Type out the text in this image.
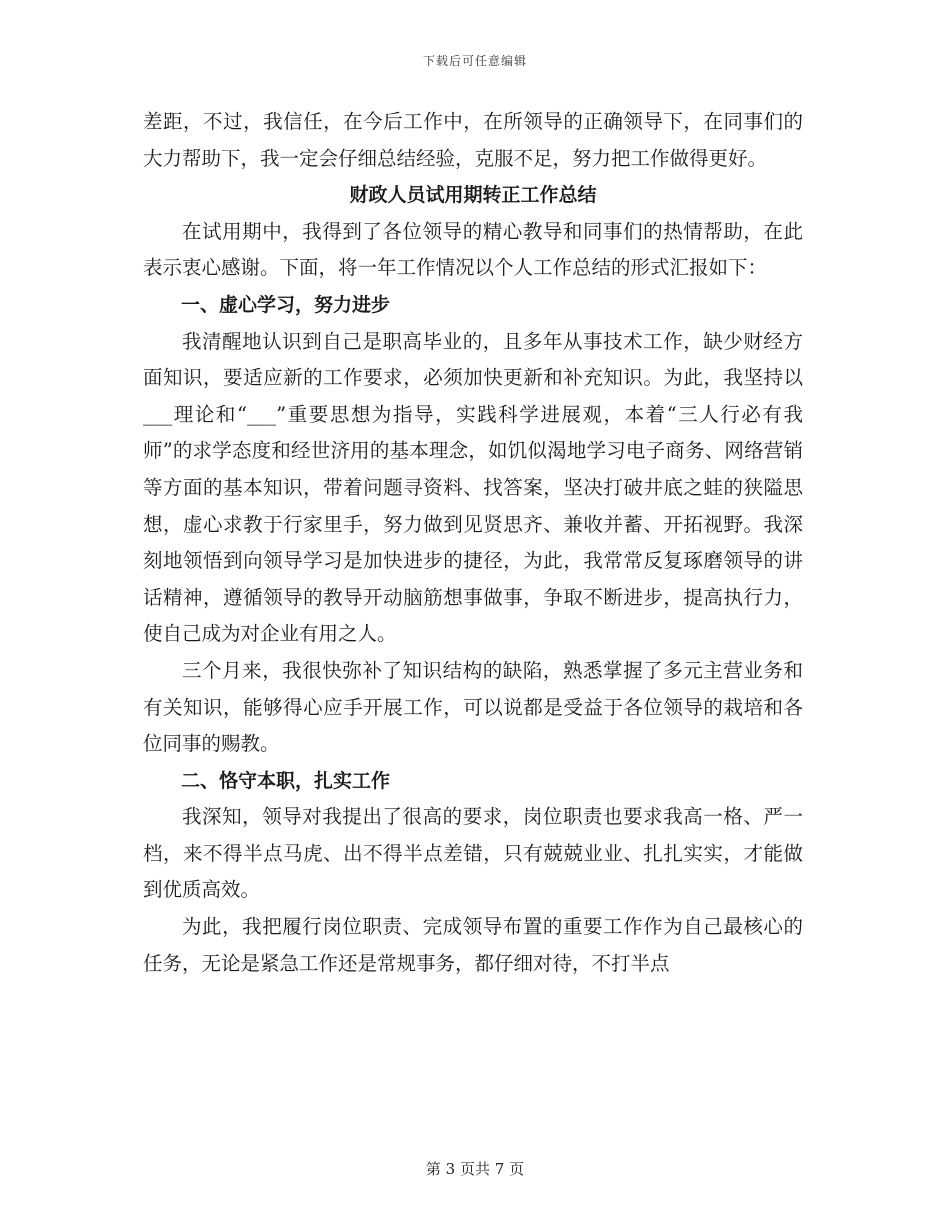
下载后可任意编辑

差距，不过，我信任，在今后工作中，在所领导的正确领导下，在同事们的大力帮助下，我一定会仔细总结经验，克服不足，努力把工作做得更好。

财政人员试用期转正工作总结

在试用期中，我得到了各位领导的精心教导和同事们的热情帮助，在此表示衷心感谢。下面，将一年工作情况以个人工作总结的形式汇报如下：

一、虚心学习，努力进步

我清醒地认识到自己是职高毕业的，且多年从事技术工作，缺少财经方面知识，要适应新的工作要求，必须加快更新和补充知识。为此，我坚持以___理论和“___”重要思想为指导，实践科学进展观，本着“三人行必有我师”的求学态度和经世济用的基本理念，如饥似渴地学习电子商务、网络营销等方面的基本知识，带着问题寻资料、找答案，坚决打破井底之蛙的狭隘思想，虚心求教于行家里手，努力做到见贤思齐、兼收并蓄、开拓视野。我深刻地领悟到向领导学习是加快进步的捷径，为此，我常常反复琢磨领导的讲话精神，遵循领导的教导开动脑筋想事做事，争取不断进步，提高执行力，使自己成为对企业有用之人。

三个月来，我很快弥补了知识结构的缺陷，熟悉掌握了多元主营业务和有关知识，能够得心应手开展工作，可以说都是受益于各位领导的栽培和各位同事的赐教。

二、恪守本职，扎实工作

我深知，领导对我提出了很高的要求，岗位职责也要求我高一格、严一档，来不得半点马虎、出不得半点差错，只有兢兢业业、扎扎实实，才能做到优质高效。

为此，我把履行岗位职责、完成领导布置的重要工作作为自己最核心的任务，无论是紧急工作还是常规事务，都仔细对待，不打半点

第 3 页共 7 页
